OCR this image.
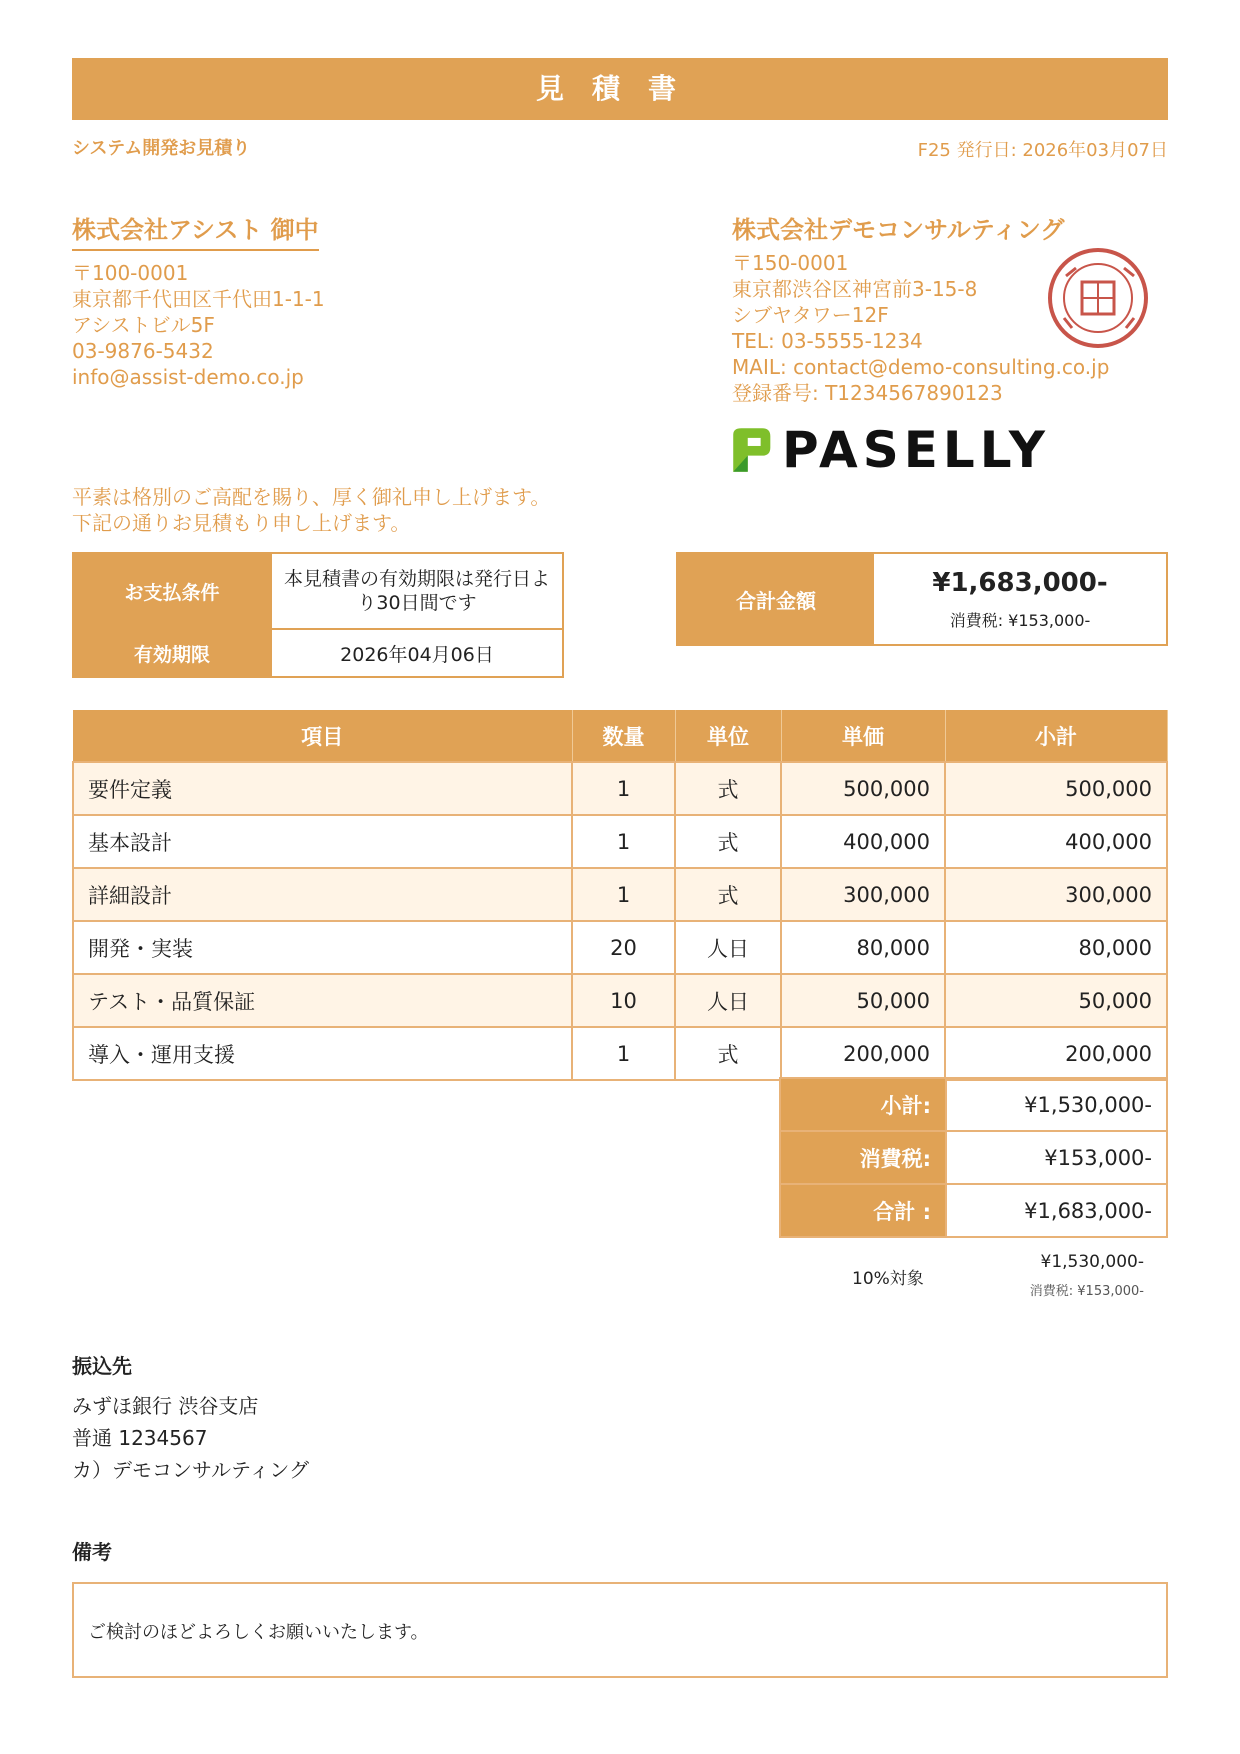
見積書
システム開発お見積り	F25 発行日: 2026年03月07日
株式会社アシスト 御中
〒100-0001
東京都千代田区千代田1-1-1
アシストビル5F
03-9876-5432
info@assist-demo.co.jp
株式会社デモコンサルティング
〒150-0001
東京都渋谷区神宮前3-15-8
シブヤタワー12F
TEL: 03-5555-1234
MAIL: contact@demo-consulting.co.jp
登録番号: T1234567890123
PASELLY
平素は格別のご高配を賜り、厚く御礼申し上げます。
下記の通りお見積もり申し上げます。
お支払条件	本見積書の有効期限は発行日より30日間です
有効期限	2026年04月06日
合計金額
¥1,683,000-
消費税: ¥153,000-
項目	数量	単位	単価	小計
要件定義	1	式	500,000	500,000
基本設計	1	式	400,000	400,000
詳細設計	1	式	300,000	300,000
開発・実装	20	人日	80,000	80,000
テスト・品質保証	10	人日	50,000	50,000
導入・運用支援	1	式	200,000	200,000
小計:	¥1,530,000-
消費税:	¥153,000-
合計 :	¥1,683,000-
10%対象
¥1,530,000-
消費税: ¥153,000-
振込先
みずほ銀行 渋谷支店
普通 1234567
カ）デモコンサルティング
備考
ご検討のほどよろしくお願いいたします。
